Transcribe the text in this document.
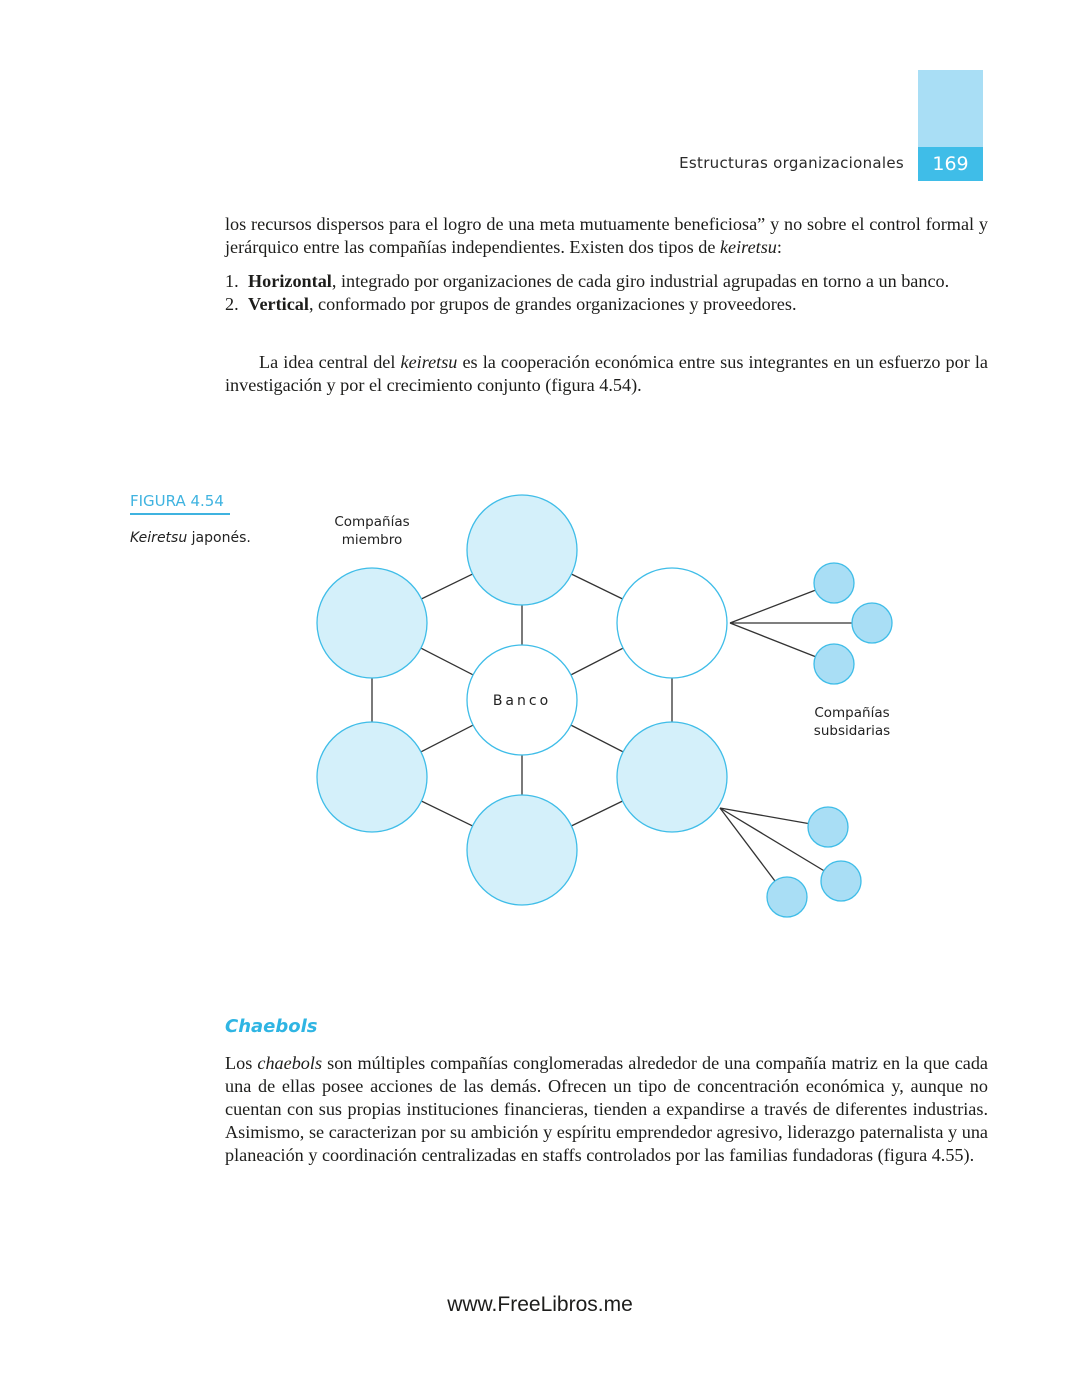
169
Estructuras organizacionales

los recursos dispersos para el logro de una meta mutuamente beneficiosa” y no sobre el control formal y jerárquico entre las compañías independientes. Existen dos tipos de keiretsu:

1. Horizontal, integrado por organizaciones de cada giro industrial agrupadas en torno a un banco.
2. Vertical, conformado por grupos de grandes organizaciones y proveedores.

La idea central del keiretsu es la cooperación económica entre sus integrantes en un esfuerzo por la investigación y por el crecimiento conjunto (figura 4.54).

FIGURA 4.54
Keiretsu japonés.
Banco
Compañías
miembro
Compañías
subsidarias
Chaebols

Los chaebols son múltiples compañías conglomeradas alrededor de una compañía matriz en la que cada una de ellas posee acciones de las demás. Ofrecen un tipo de concentración económica y, aunque no cuentan con sus propias instituciones financieras, tienden a expandirse a través de diferentes industrias. Asimismo, se caracterizan por su ambición y espíritu emprendedor agresivo, liderazgo paternalista y una planeación y coordinación centralizadas en staffs controlados por las familias fundadoras (figura 4.55).

www.FreeLibros.me
